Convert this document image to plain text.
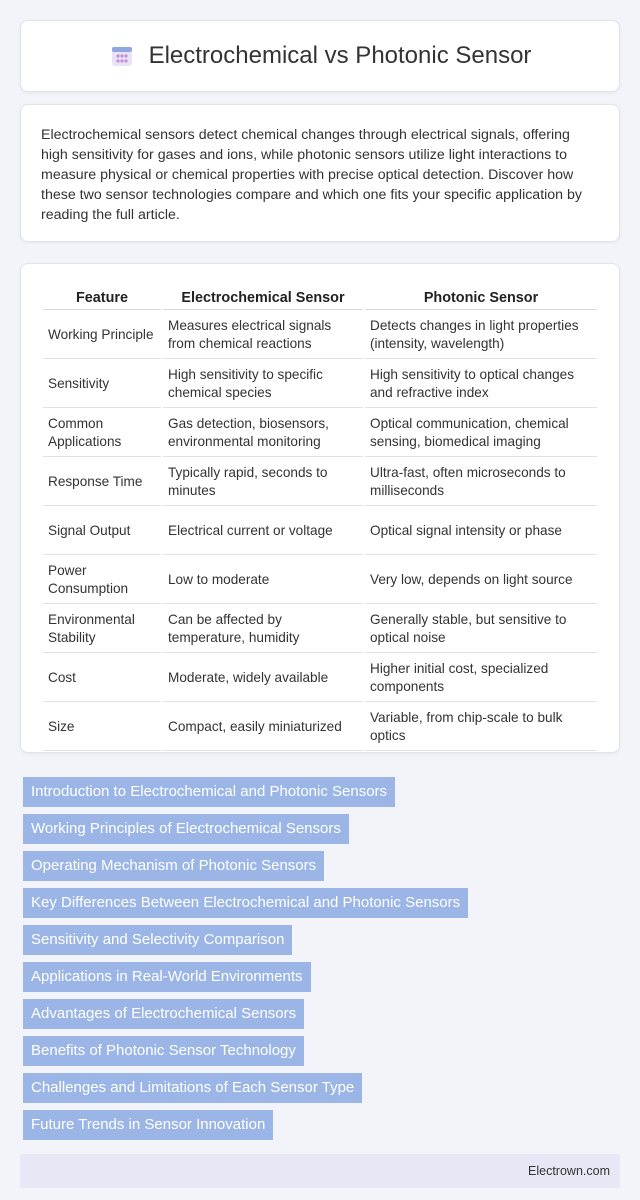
Electrochemical vs Photonic Sensor

Electrochemical sensors detect chemical changes through electrical signals, offering high sensitivity for gases and ions, while photonic sensors utilize light interactions to measure physical or chemical properties with precise optical detection. Discover how these two sensor technologies compare and which one fits your specific application by reading the full article.

Feature	Electrochemical Sensor	Photonic Sensor
Working Principle	Measures electrical signals from chemical reactions	Detects changes in light properties (intensity, wavelength)
Sensitivity	High sensitivity to specific chemical species	High sensitivity to optical changes and refractive index
Common Applications	Gas detection, biosensors, environmental monitoring	Optical communication, chemical sensing, biomedical imaging
Response Time	Typically rapid, seconds to minutes	Ultra-fast, often microseconds to milliseconds
Signal Output	Electrical current or voltage	Optical signal intensity or phase
Power Consumption	Low to moderate	Very low, depends on light source
Environmental Stability	Can be affected by temperature, humidity	Generally stable, but sensitive to optical noise
Cost	Moderate, widely available	Higher initial cost, specialized components
Size	Compact, easily miniaturized	Variable, from chip-scale to bulk optics
Introduction to Electrochemical and Photonic Sensors
Working Principles of Electrochemical Sensors
Operating Mechanism of Photonic Sensors
Key Differences Between Electrochemical and Photonic Sensors
Sensitivity and Selectivity Comparison
Applications in Real-World Environments
Advantages of Electrochemical Sensors
Benefits of Photonic Sensor Technology
Challenges and Limitations of Each Sensor Type
Future Trends in Sensor Innovation
Electrown.com
